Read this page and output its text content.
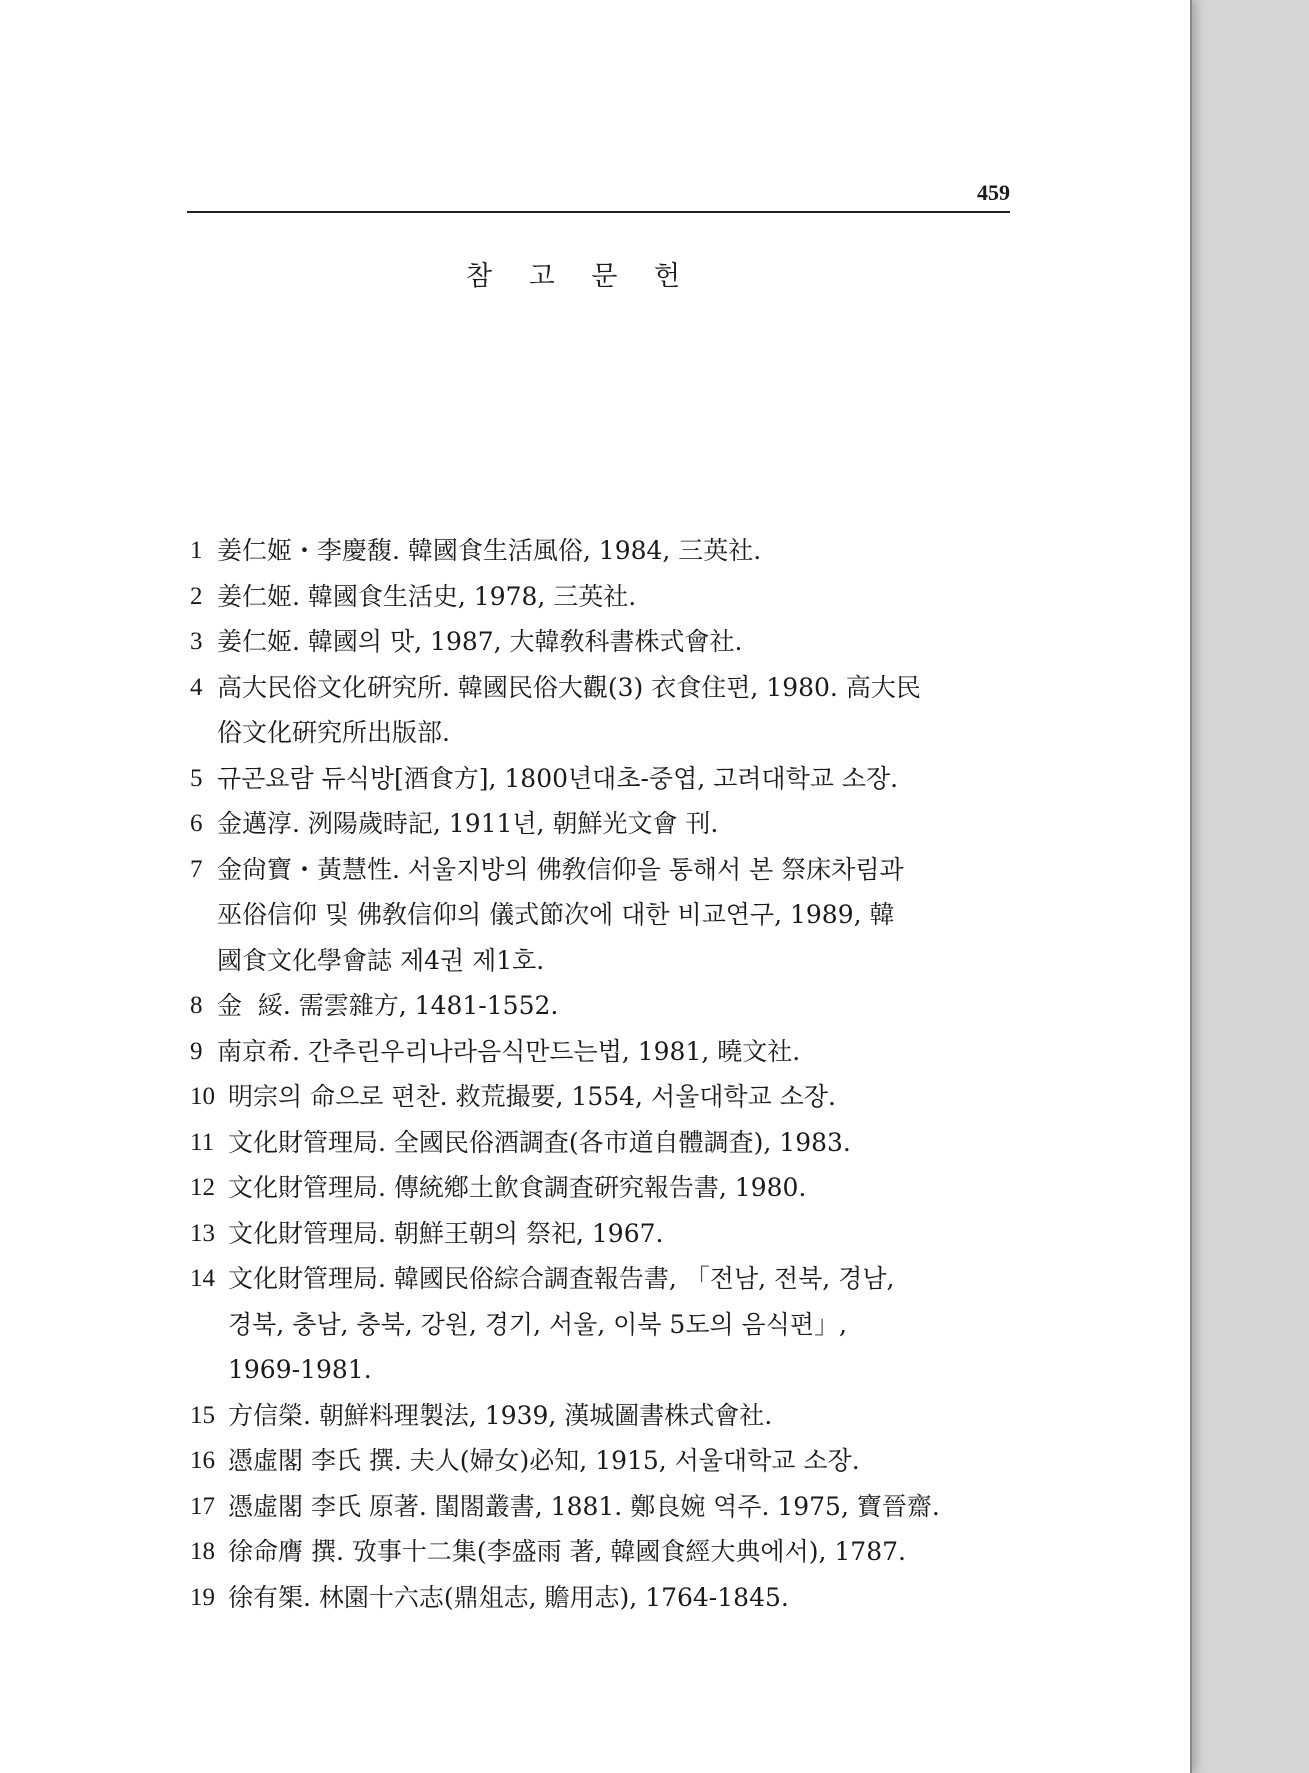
459
참 고 문 헌
1 姜仁姬・李慶馥. 韓國食生活風俗, 1984, 三英社.
2 姜仁姬. 韓國食生活史, 1978, 三英社.
3 姜仁姬. 韓國의 맛, 1987, 大韓敎科書株式會社.
4 高大民俗文化硏究所. 韓國民俗大觀(3) 衣食住편, 1980. 高大民
俗文化硏究所出版部.
5 규곤요람 듀식방[酒食方], 1800년대초-중엽, 고려대학교 소장.
6 金邁淳. 洌陽歲時記, 1911년, 朝鮮光文會 刊.
7 金尙寶・黃慧性. 서울지방의 佛敎信仰을 통해서 본 祭床차림과
巫俗信仰 및 佛敎信仰의 儀式節次에 대한 비교연구, 1989, 韓
國食文化學會誌 제4권 제1호.
8 金  綏. 需雲雜方, 1481-1552.
9 南京希. 간추린우리나라음식만드는법, 1981, 曉文社.
10 明宗의 命으로 편찬. 救荒撮要, 1554, 서울대학교 소장.
11 文化財管理局. 全國民俗酒調査(各市道自體調査), 1983.
12 文化財管理局. 傳統鄕土飮食調査硏究報告書, 1980.
13 文化財管理局. 朝鮮王朝의 祭祀, 1967.
14 文化財管理局. 韓國民俗綜合調査報告書, 「전남, 전북, 경남,
경북, 충남, 충북, 강원, 경기, 서울, 이북 5도의 음식편」,
1969-1981.
15 方信榮. 朝鮮料理製法, 1939, 漢城圖書株式會社.
16 憑虛閣 李氏 撰. 夫人(婦女)必知, 1915, 서울대학교 소장.
17 憑虛閣 李氏 原著. 閨閤叢書, 1881. 鄭良婉 역주. 1975, 寶晉齋.
18 徐命膺 撰. 攷事十二集(李盛雨 著, 韓國食經大典에서), 1787.
19 徐有榘. 林園十六志(鼎俎志, 贍用志), 1764-1845.
